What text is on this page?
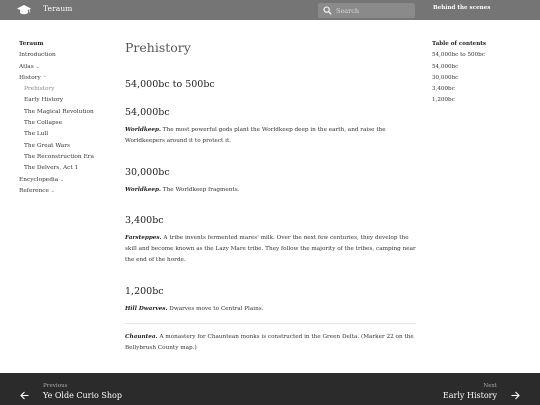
Teraum
Search	Behind the scenes
Teraum
Introduction
Atlas ⌄
History ⌃
Prehistory
Early History
The Magical Revolution
The Collapse
The Lull
The Great Wars
The Reconstruction Era
The Delvers, Act 1
Encyclopedia ⌄
Reference ⌄
Prehistory
54,000bc to 500bc
54,000bc

Worldkeep. The most powerful gods plant the Worldkeep deep in the earth, and raise the Worldkeepers around it to protect it.

30,000bc

Worldkeep. The Worldkeep fragments.

3,400bc

Farsteppes. A tribe invents fermented mares' milk. Over the next few centuries, they develop the skill and become known as the Lazy Mare tribe. They follow the majority of the tribes, camping near the end of the horde.

1,200bc

Hill Dwarves. Dwarves move to Central Plains.

Chauntea. A monastery for Chauntean monks is constructed in the Green Delta. (Marker 22 on the Bellybrush County map.)

Table of contents
54,000bc to 500bc
54,000bc
30,000bc
3,400bc
1,200bc
Previous
Ye Olde Curio Shop
Next
Early History
